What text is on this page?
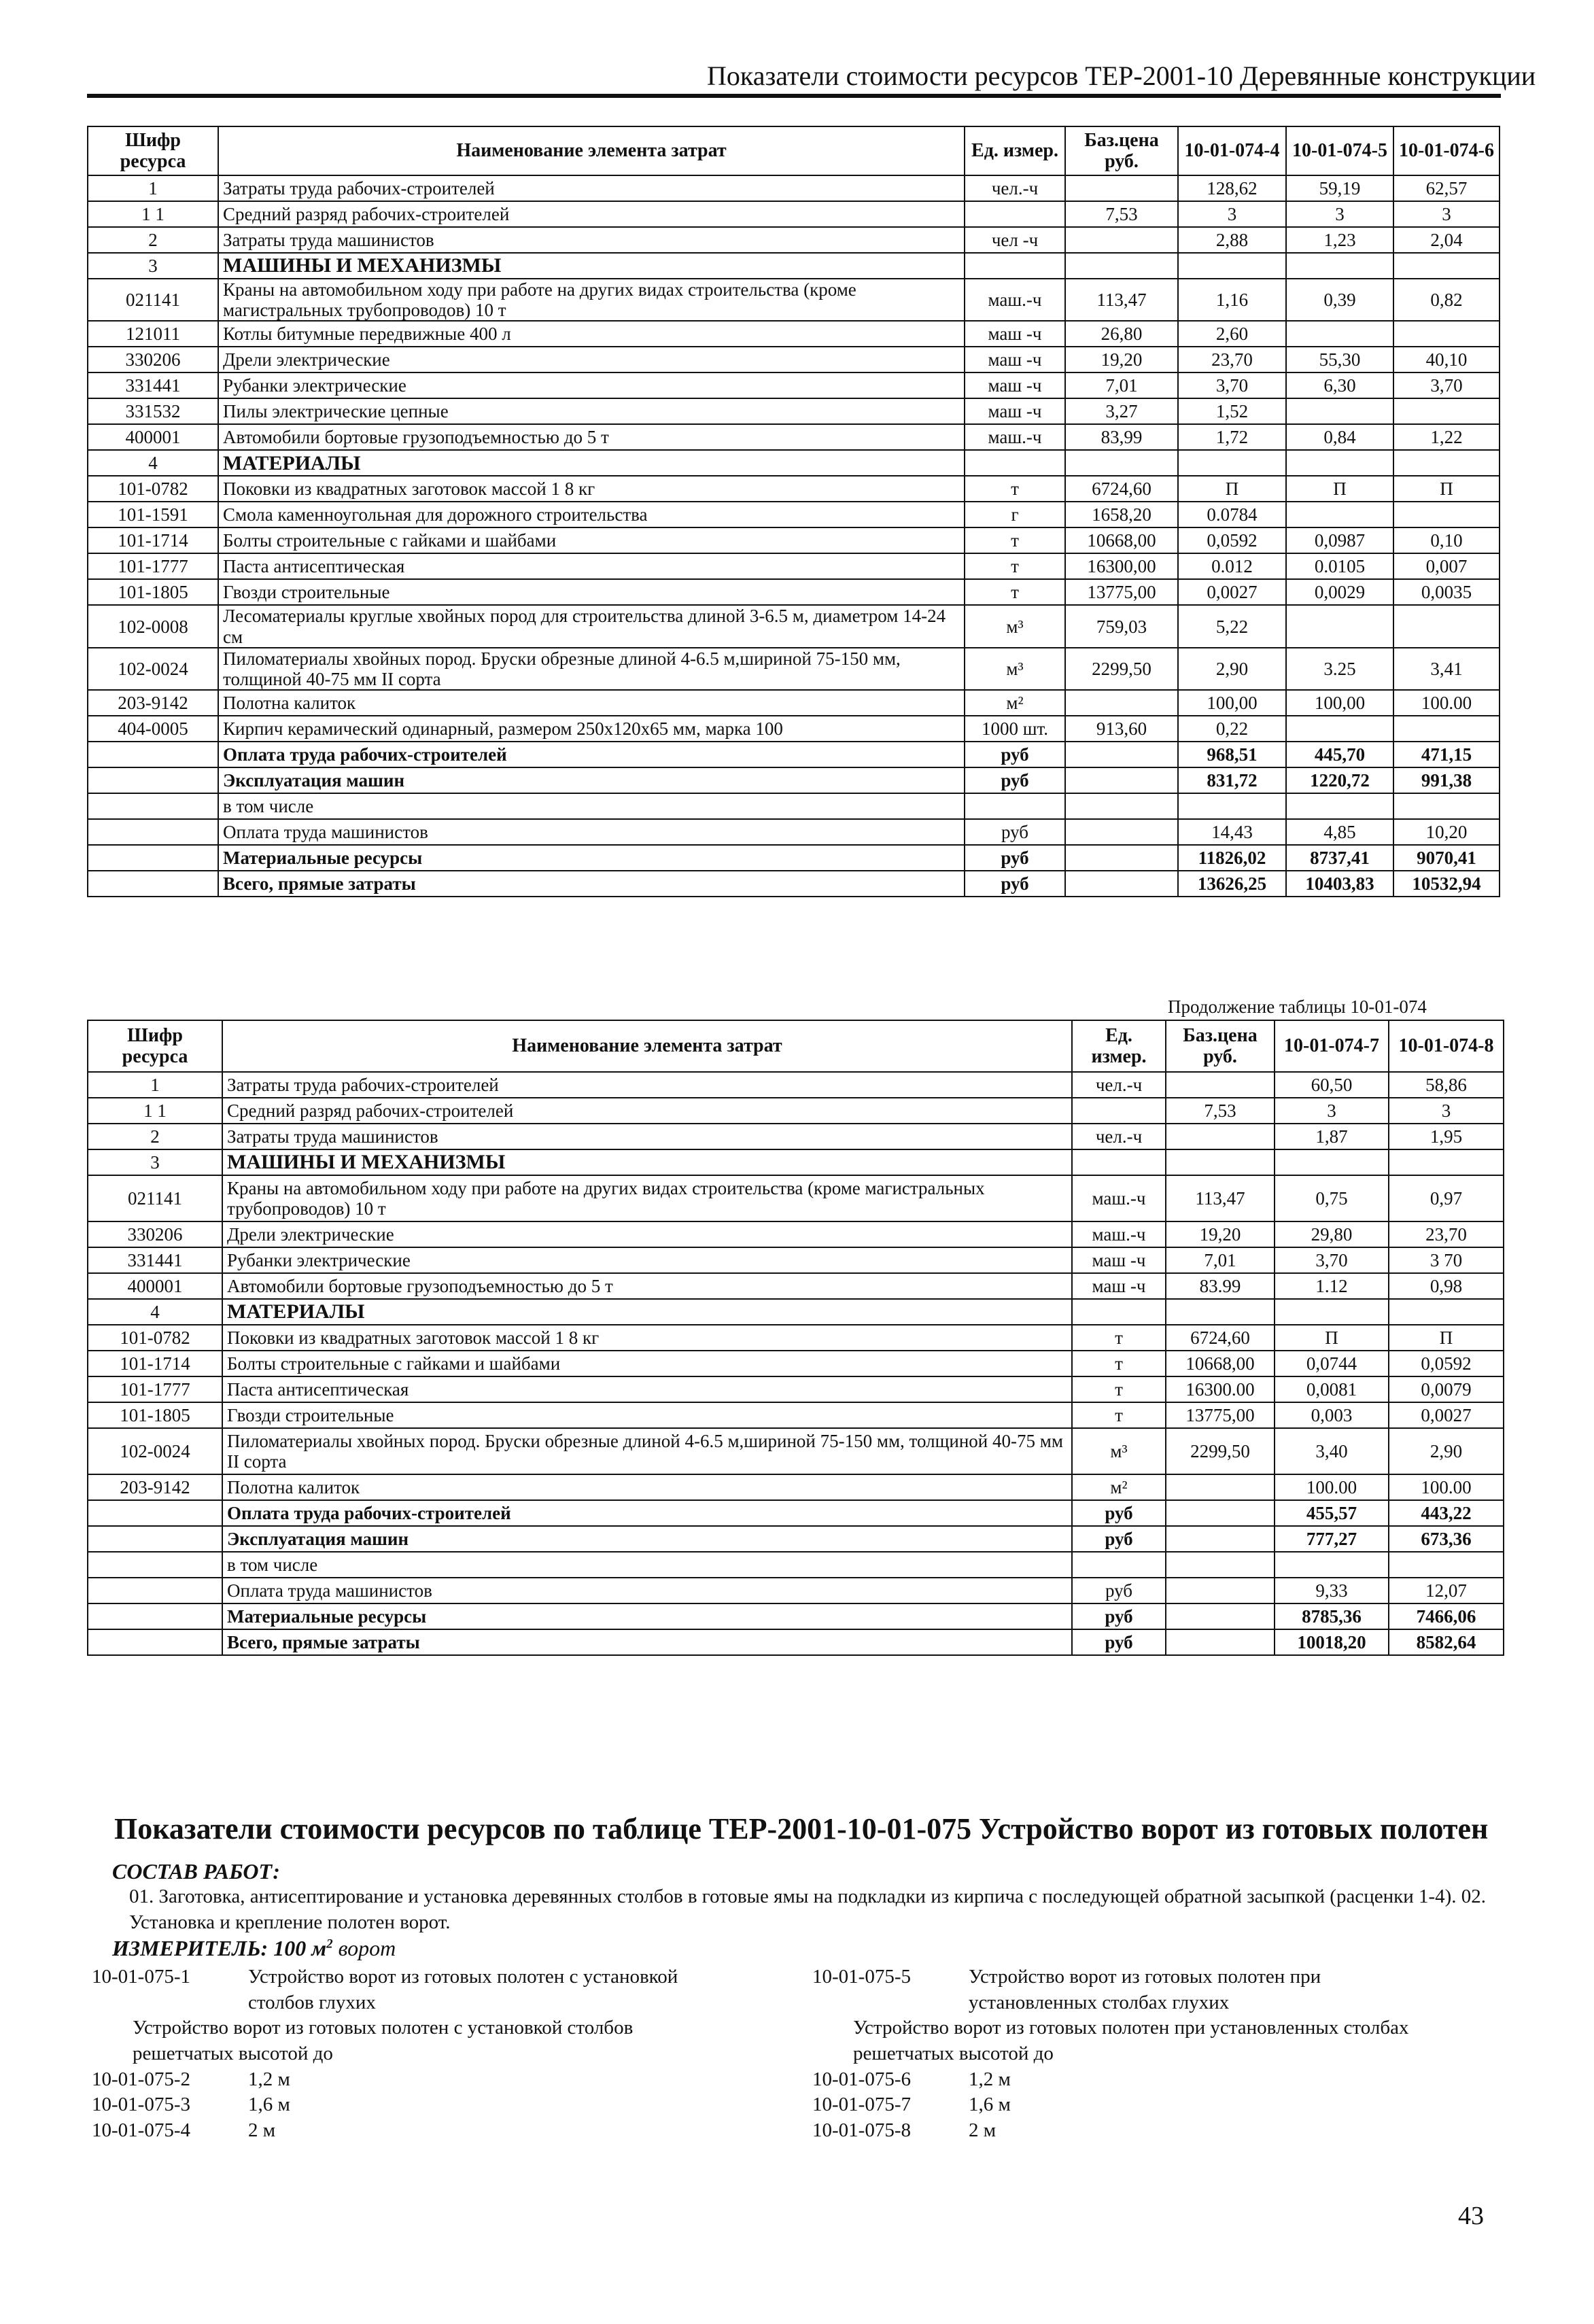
Показатели стоимости ресурсов ТЕР-2001-10 Деревянные конструкции
Шифр ресурса	Наименование элемента затрат	Ед. измер.	Баз.цена руб.	10-01-074-4	10-01-074-5	10-01-074-6
1	Затраты труда рабочих-строителей	чел.-ч		128,62	59,19	62,57
1 1	Средний разряд рабочих-строителей		7,53	3	3	3
2	Затраты труда машинистов	чел -ч		2,88	1,23	2,04
3	МАШИНЫ И МЕХАНИЗМЫ					
021141	Краны на автомобильном ходу при работе на других видах строительства (кроме магистральных трубопроводов) 10 т	маш.-ч	113,47	1,16	0,39	0,82
121011	Котлы битумные передвижные 400 л	маш -ч	26,80	2,60		
330206	Дрели электрические	маш -ч	19,20	23,70	55,30	40,10
331441	Рубанки электрические	маш -ч	7,01	3,70	6,30	3,70
331532	Пилы электрические цепные	маш -ч	3,27	1,52		
400001	Автомобили бортовые грузоподъемностью до 5 т	маш.-ч	83,99	1,72	0,84	1,22
4	МАТЕРИАЛЫ					
101-0782	Поковки из квадратных заготовок массой 1 8 кг	т	6724,60	П	П	П
101-1591	Смола каменноугольная для дорожного строительства	г	1658,20	0.0784		
101-1714	Болты строительные с гайками и шайбами	т	10668,00	0,0592	0,0987	0,10
101-1777	Паста антисептическая	т	16300,00	0.012	0.0105	0,007
101-1805	Гвозди строительные	т	13775,00	0,0027	0,0029	0,0035
102-0008	Лесоматериалы круглые хвойных пород для строительства длиной 3-6.5 м, диаметром 14-24 см	м³	759,03	5,22		
102-0024	Пиломатериалы хвойных пород. Бруски обрезные длиной 4-6.5 м,шириной 75-150 мм, толщиной 40-75 мм II сорта	м³	2299,50	2,90	3.25	3,41
203-9142	Полотна калиток	м²		100,00	100,00	100.00
404-0005	Кирпич керамический одинарный, размером 250х120х65 мм, марка 100	1000 шт.	913,60	0,22		
	Оплата труда рабочих-строителей	руб		968,51	445,70	471,15
	Эксплуатация машин	руб		831,72	1220,72	991,38
	в том числе					
	Оплата труда машинистов	руб		14,43	4,85	10,20
	Материальные ресурсы	руб		11826,02	8737,41	9070,41
	Всего, прямые затраты	руб		13626,25	10403,83	10532,94
Продолжение таблицы 10-01-074
Шифр ресурса	Наименование элемента затрат	Ед. измер.	Баз.цена руб.	10-01-074-7	10-01-074-8
1	Затраты труда рабочих-строителей	чел.-ч		60,50	58,86
1 1	Средний разряд рабочих-строителей		7,53	3	3
2	Затраты труда машинистов	чел.-ч		1,87	1,95
3	МАШИНЫ И МЕХАНИЗМЫ				
021141	Краны на автомобильном ходу при работе на других видах строительства (кроме магистральных трубопроводов) 10 т	маш.-ч	113,47	0,75	0,97
330206	Дрели электрические	маш.-ч	19,20	29,80	23,70
331441	Рубанки электрические	маш -ч	7,01	3,70	3 70
400001	Автомобили бортовые грузоподъемностью до 5 т	маш -ч	83.99	1.12	0,98
4	МАТЕРИАЛЫ				
101-0782	Поковки из квадратных заготовок массой 1 8 кг	т	6724,60	П	П
101-1714	Болты строительные с гайками и шайбами	т	10668,00	0,0744	0,0592
101-1777	Паста антисептическая	т	16300.00	0,0081	0,0079
101-1805	Гвозди строительные	т	13775,00	0,003	0,0027
102-0024	Пиломатериалы хвойных пород. Бруски обрезные длиной 4-6.5 м,шириной 75-150 мм, толщиной 40-75 мм II сорта	м³	2299,50	3,40	2,90
203-9142	Полотна калиток	м²		100.00	100.00
	Оплата труда рабочих-строителей	руб		455,57	443,22
	Эксплуатация машин	руб		777,27	673,36
	в том числе				
	Оплата труда машинистов	руб		9,33	12,07
	Материальные ресурсы	руб		8785,36	7466,06
	Всего, прямые затраты	руб		10018,20	8582,64
Показатели стоимости ресурсов по таблице ТЕР-2001-10-01-075 Устройство ворот из готовых полотен
СОСТАВ РАБОТ:
01. Заготовка, антисептирование и установка деревянных столбов в готовые ямы на подкладки из кирпича с последующей обратной засыпкой (расценки 1-4). 02. Установка и крепление полотен ворот.
ИЗМЕРИТЕЛЬ: 100 $м^2$ ворот
10-01-075-1	Устройство ворот из готовых полотен с установкой столбов глухих
Устройство ворот из готовых полотен с установкой столбов решетчатых высотой до
10-01-075-2	1,2 м
10-01-075-3	1,6 м
10-01-075-4	2 м
10-01-075-5	Устройство ворот из готовых полотен при установленных столбах глухих
Устройство ворот из готовых полотен при установленных столбах решетчатых высотой до
10-01-075-6	1,2 м
10-01-075-7	1,6 м
10-01-075-8	2 м
43
